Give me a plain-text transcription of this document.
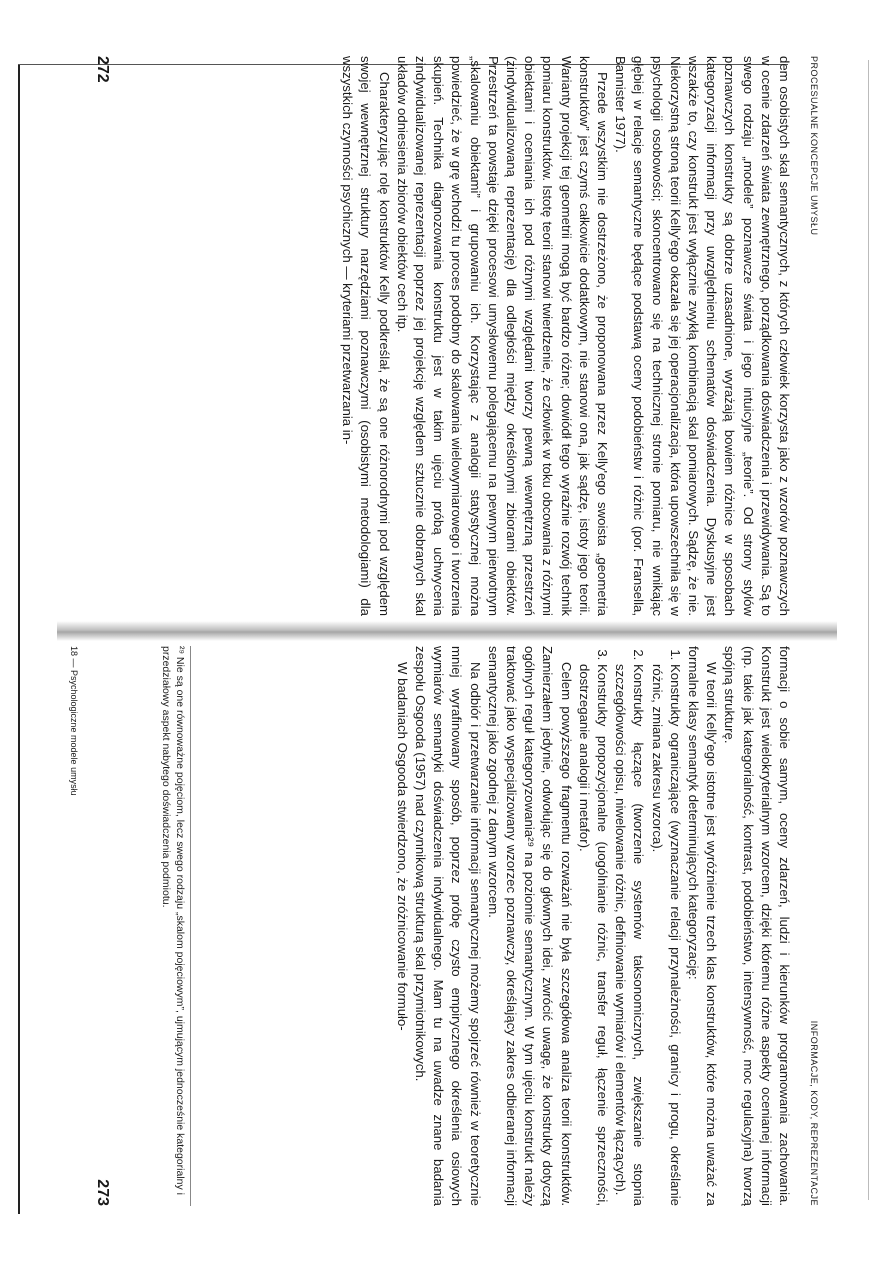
PROCESUALNE KONCEPCJE UMYSŁU

dem osobistych skal semantycznych, z których człowiek korzysta jako z wzorów poznawczych w ocenie zdarzeń świata zewnętrznego, porządkowania doświadczenia i przewidywania. Są to swego rodzaju „modele” poznawcze świata i jego intuicyjne „teorie”. Od strony stylów poznawczych konstrukty są dobrze uzasadnione, wyrażają bowiem różnice w sposobach kategoryzacji informacji przy uwzględnieniu schematów doświadczenia. Dyskusyjne jest wszakże to, czy konstrukt jest wyłącznie zwykłą kombinacją skal pomiarowych. Sądzę, że nie. Niekorzystną stroną teorii Kelly'ego okazała się jej operacjonalizacja, która upowszechniła się w psychologii osobowości; skoncentrowano się na technicznej stronie pomiaru, nie wnikając głębiej w relacje semantyczne będące podstawą oceny podobieństw i różnic (por. Fransella, Bannister 1977).

Przede wszystkim nie dostrzeżono, że proponowana przez Kelly'ego swoista „geometria konstruktów” jest czymś całkowicie dodatkowym, nie stanowi ona, jak sądzę, istoty jego teorii. Warianty projekcji tej geometrii mogą być bardzo różne; dowiódł tego wyraźnie rozwój technik pomiaru konstruktów. Istotę teorii stanowi twierdzenie, że człowiek w toku obcowania z różnymi obiektami i oceniania ich pod różnymi względami tworzy pewną wewnętrzną przestrzeń (zindywidualizowaną reprezentację) dla odległości między określonymi zbiorami obiektów. Przestrzeń ta powstaje dzięki procesowi umysłowemu polegającemu na pewnym pierwotnym „skalowaniu obiektami” i grupowaniu ich. Korzystając z analogii statystycznej można powiedzieć, że w grę wchodzi tu proces podobny do skalowania wielowymiarowego i tworzenia skupień. Technika diagnozowania konstruktu jest w takim ujęciu próbą uchwycenia zindywidualizowanej reprezentacji poprzez jej projekcję względem sztucznie dobranych skal układów odniesienia zbiorów obiektów cech itp.

Charakteryzując rolę konstruktów Kelly podkreślał, że są one różnorodnymi pod względem swojej wewnętrznej struktury narzędziami poznawczymi (osobistymi metodologiami) dla wszystkich czynności psychicznych — kryteriami przetwarzania in-

272
INFORMACJE, KODY, REPREZENTACJE

formacji o sobie samym, oceny zdarzeń, ludzi i kierunków programowania zachowania. Konstrukt jest wielokryterialnym wzorcem, dzięki któremu różne aspekty ocenianej informacji (np. takie jak kategorialność, kontrast, podobieństwo, intensywność, moc regulacyjna) tworzą spójną strukturę.

W teorii Kelly'ego istotne jest wyróżnienie trzech klas konstruktów, które można uważać za formalne klasy semantyk determinujących kategoryzację:

1. Konstrukty ograniczające (wyznaczanie relacji przynależności, granicy i progu, określanie różnic, zmiana zakresu wzorca).
2. Konstrukty łączące (tworzenie systemów taksonomicznych, zwiększanie stopnia szczegółowości opisu, niwelowanie różnic, definiowanie wymiarów i elementów łączących).
3. Konstrukty propozycjonalne (uogólnianie różnic, transfer reguł, łączenie sprzeczności, dostrzeganie analogii i metafor).

Celem powyższego fragmentu rozważań nie była szczegółowa analiza teorii konstruktów. Zamierzałem jedynie, odwołując się do głównych idei, zwrócić uwagę, że konstrukty dotyczą ogólnych reguł kategoryzowania²⁹ na poziomie semantycznym. W tym ujęciu konstrukt należy traktować jako wyspecjalizowany wzorzec poznawczy, określający zakres odbieranej informacji semantycznej jako zgodnej z danym wzorcem.

Na odbiór i przetwarzanie informacji semantycznej możemy spojrzeć również w teoretycznie mniej wyrafinowany sposób, poprzez próbę czysto empirycznego określenia osiowych wymiarów semantyki doświadczenia indywidualnego. Mam tu na uwadze znane badania zespołu Osgooda (1957) nad czynnikową strukturą skal przymiotnikowych.

W badaniach Osgooda stwierdzono, że zróżnicowanie formuło-

²⁹ Nie są one równoważne pojęciom, lecz swego rodzaju „skalom pojęciowym”, ujmującym jednocześnie kategorialny i przedziałowy aspekt nabytego doświadczenia podmiotu.

18 — Psychologiczne modele umysłu
273
